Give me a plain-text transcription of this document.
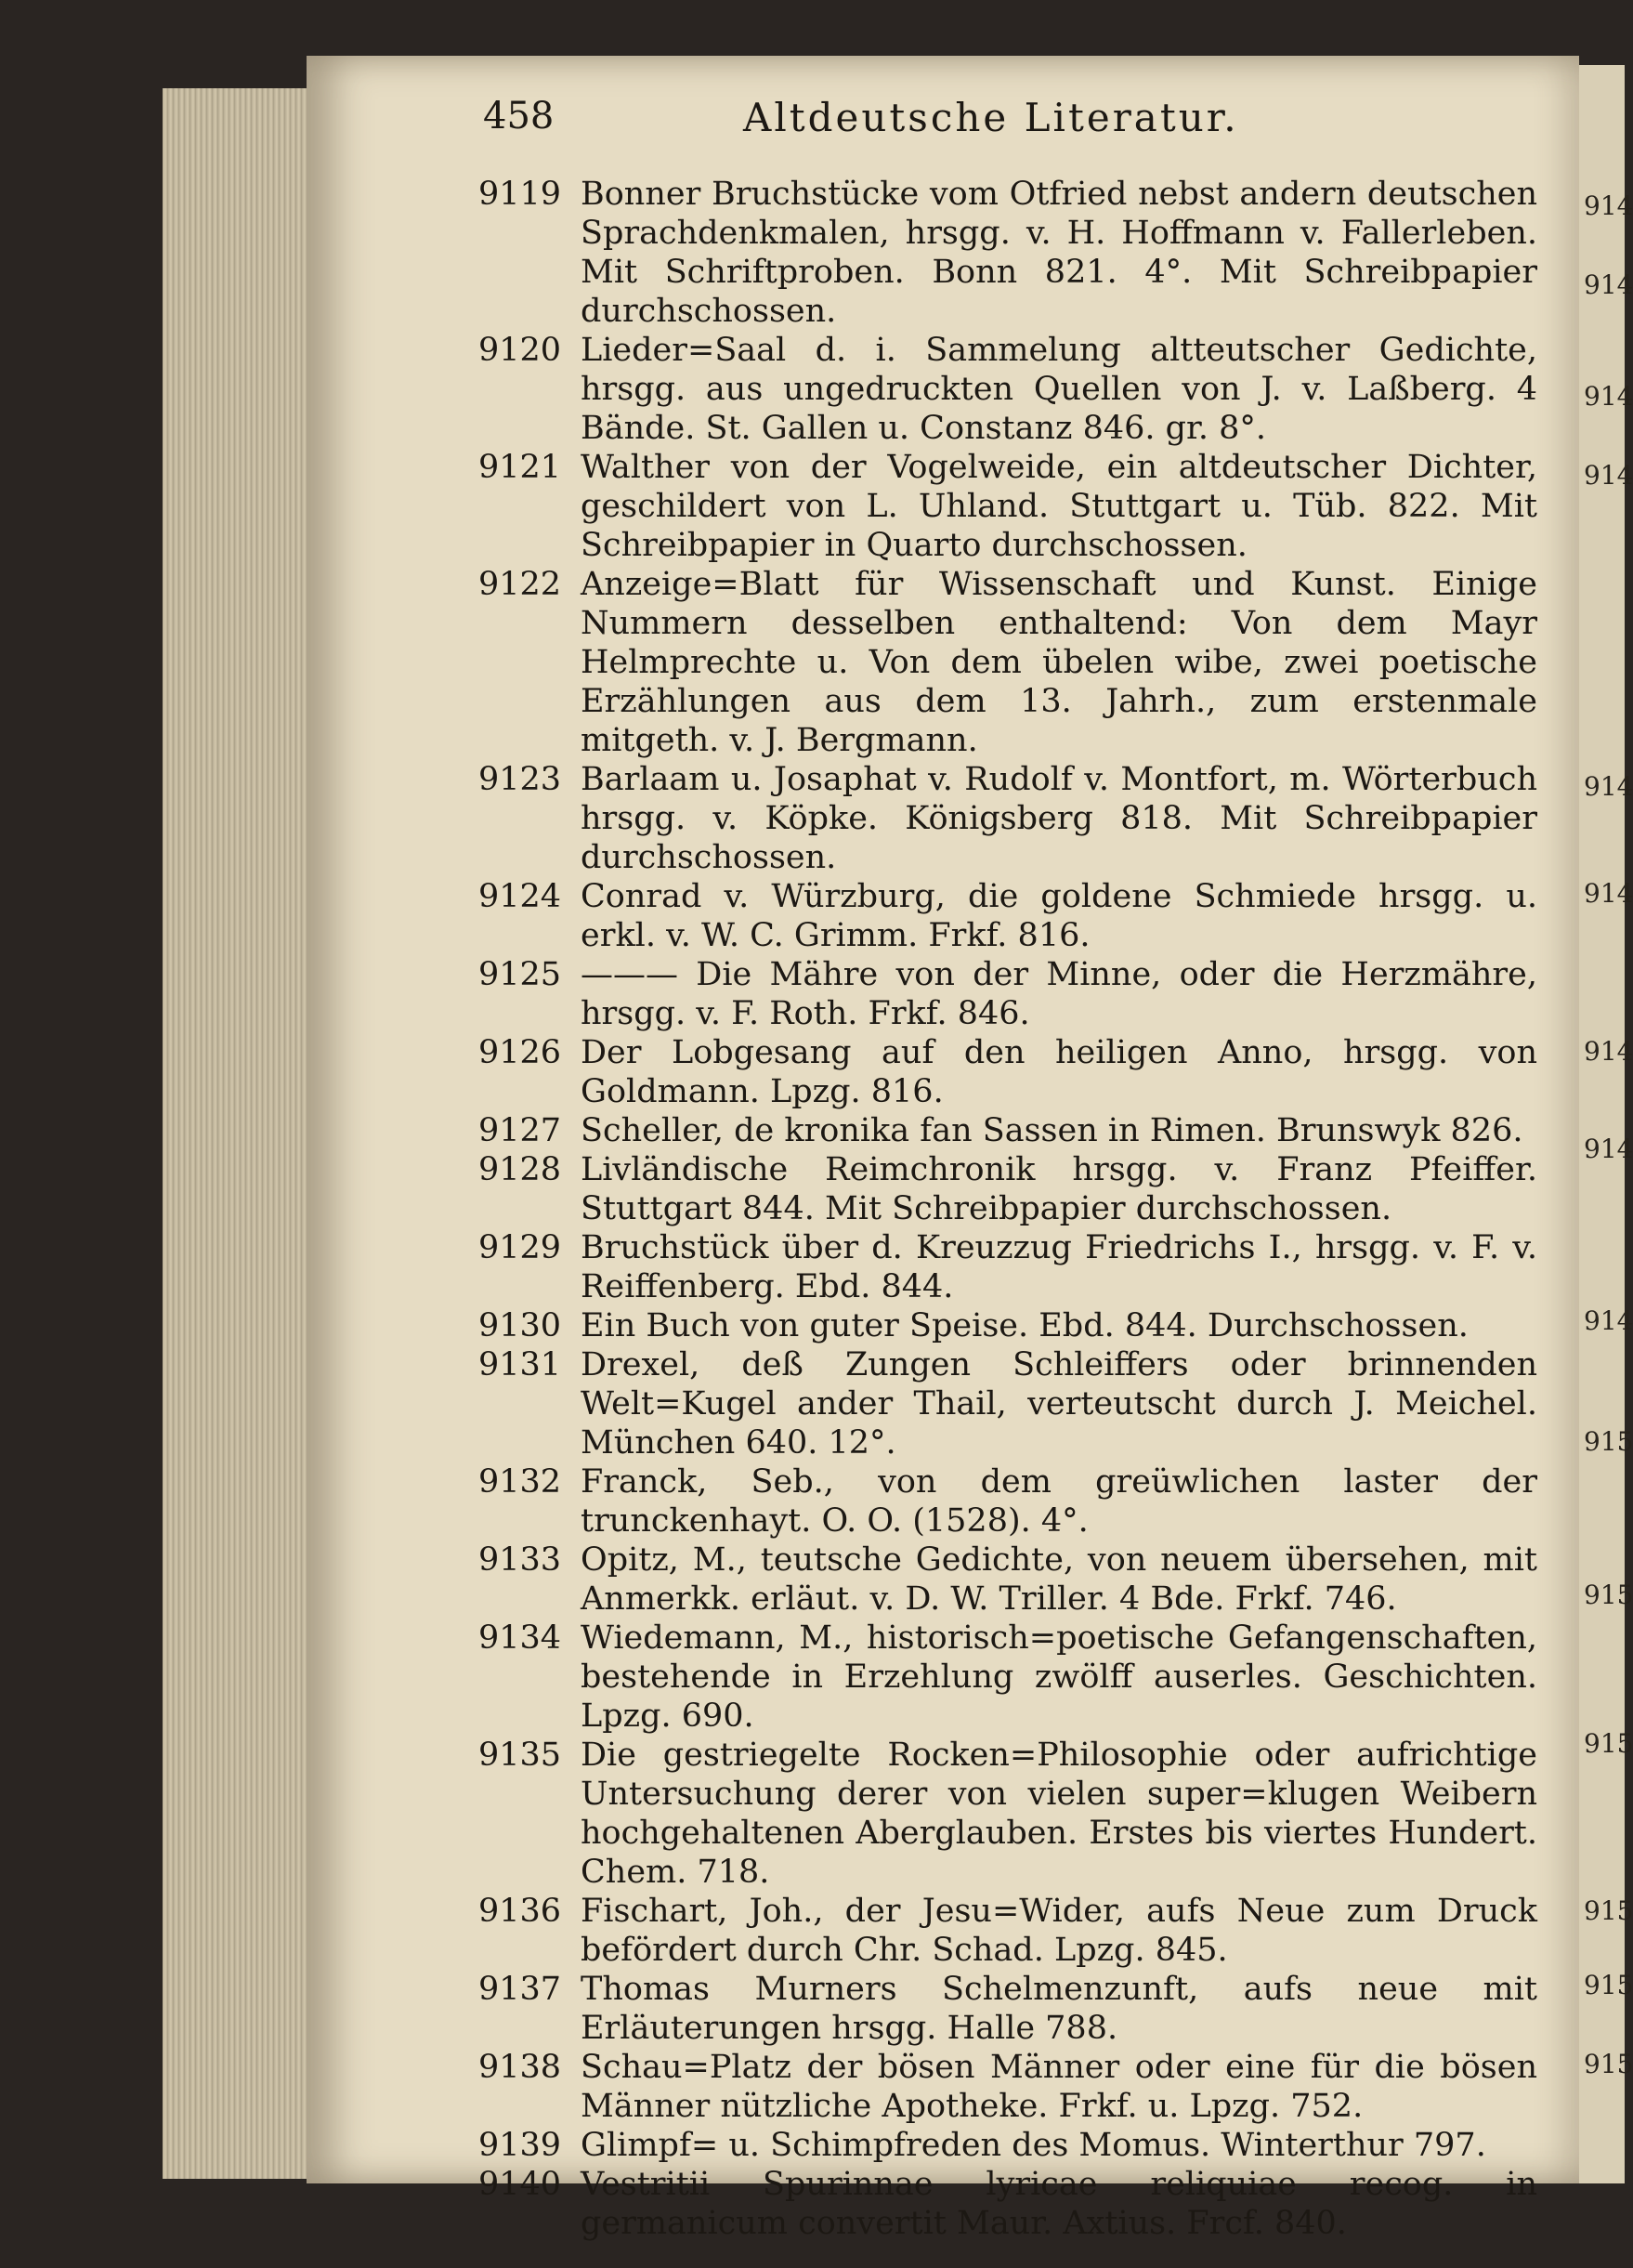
458	Altdeutsche Literatur.
9119 Bonner Bruchstücke vom Otfried nebst andern deutschen Sprachdenkmalen, hrsgg. v. H. Hoffmann v. Fallerleben. Mit Schriftproben. Bonn 821. 4°. Mit Schreibpapier durchschossen.
9120 Lieder=Saal d. i. Sammelung altteutscher Gedichte, hrsgg. aus ungedruckten Quellen von J. v. Laßberg. 4 Bände. St. Gallen u. Constanz 846. gr. 8°.
9121 Walther von der Vogelweide, ein altdeutscher Dichter, geschildert von L. Uhland. Stuttgart u. Tüb. 822. Mit Schreibpapier in Quarto durchschossen.
9122 Anzeige=Blatt für Wissenschaft und Kunst. Einige Nummern desselben enthaltend: Von dem Mayr Helmprechte u. Von dem übelen wibe, zwei poetische Erzählungen aus dem 13. Jahrh., zum erstenmale mitgeth. v. J. Bergmann.
9123 Barlaam u. Josaphat v. Rudolf v. Montfort, m. Wörterbuch hrsgg. v. Köpke. Königsberg 818. Mit Schreibpapier durchschossen.
9124 Conrad v. Würzburg, die goldene Schmiede hrsgg. u. erkl. v. W. C. Grimm. Frkf. 816.
9125 ——— Die Mähre von der Minne, oder die Herzmähre, hrsgg. v. F. Roth. Frkf. 846.
9126 Der Lobgesang auf den heiligen Anno, hrsgg. von Goldmann. Lpzg. 816.
9127 Scheller, de kronika fan Sassen in Rimen. Brunswyk 826.
9128 Livländische Reimchronik hrsgg. v. Franz Pfeiffer. Stuttgart 844. Mit Schreibpapier durchschossen.
9129 Bruchstück über d. Kreuzzug Friedrichs I., hrsgg. v. F. v. Reiffenberg. Ebd. 844.
9130 Ein Buch von guter Speise. Ebd. 844. Durchschossen.
9131 Drexel, deß Zungen Schleiffers oder brinnenden Welt=Kugel ander Thail, verteutscht durch J. Meichel. München 640. 12°.
9132 Franck, Seb., von dem greüwlichen laster der trunckenhayt. O. O. (1528). 4°.
9133 Opitz, M., teutsche Gedichte, von neuem übersehen, mit Anmerkk. erläut. v. D. W. Triller. 4 Bde. Frkf. 746.
9134 Wiedemann, M., historisch=poetische Gefangenschaften, bestehende in Erzehlung zwölff auserles. Geschichten. Lpzg. 690.
9135 Die gestriegelte Rocken=Philosophie oder aufrichtige Untersuchung derer von vielen super=klugen Weibern hochgehaltenen Aberglauben. Erstes bis viertes Hundert. Chem. 718.
9136 Fischart, Joh., der Jesu=Wider, aufs Neue zum Druck befördert durch Chr. Schad. Lpzg. 845.
9137 Thomas Murners Schelmenzunft, aufs neue mit Erläuterungen hrsgg. Halle 788.
9138 Schau=Platz der bösen Männer oder eine für die bösen Männer nützliche Apotheke. Frkf. u. Lpzg. 752.
9139 Glimpf= u. Schimpfreden des Momus. Winterthur 797.
9140 Vestritii Spurinnae lyricae reliquiae recog. in germanicum convertit Maur. Axtius. Frcf. 840.
914
914
914
914
914
914
914
914
914
915
915
915
915
915
915
